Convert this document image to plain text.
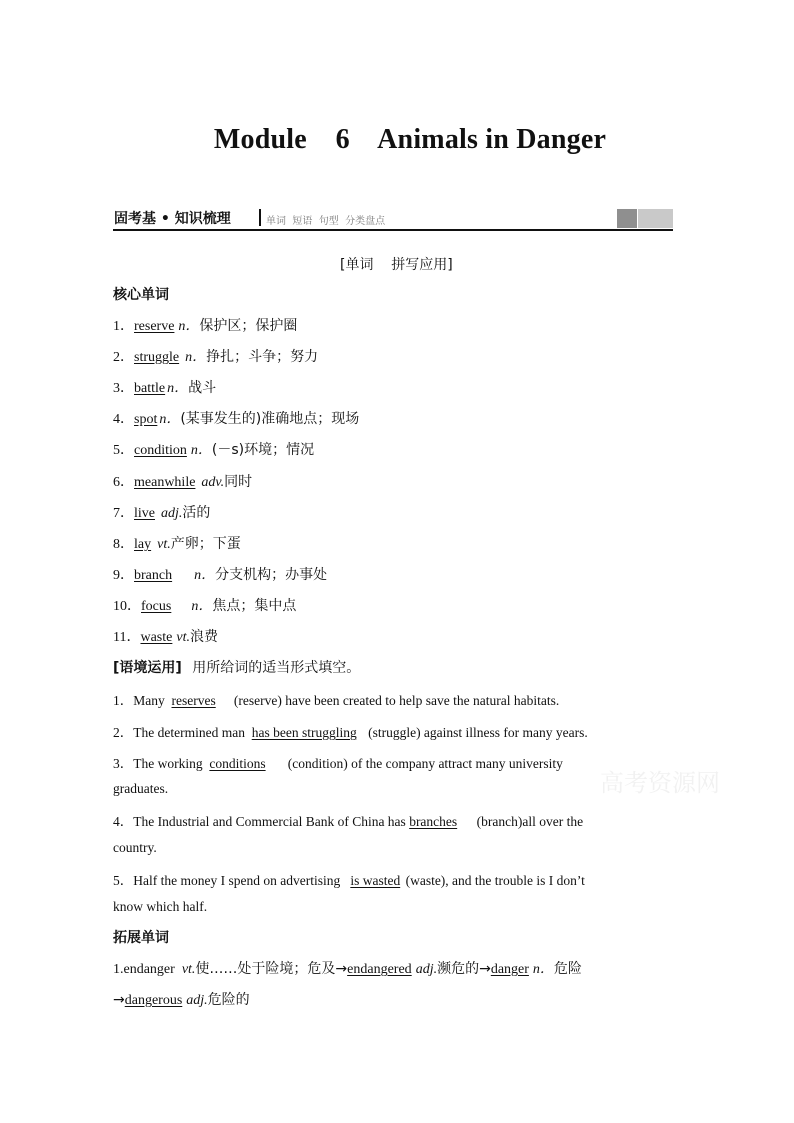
Module    6    Animals in Danger
固考基 • 知识梳理	单词  短语  句型  分类盘点
[单词    拼写应用]
核心单词
1．reserve n．保护区；保护圈
2．struggle n．挣扎；斗争；努力
3．battle n．战斗
4．spot n．(某事发生的)准确地点；现场
5．condition n．(－s)环境；情况
6．meanwhile adv.同时
7．live adj.活的
8．lay vt.产卵；下蛋
9．branch n．分支机构；办事处
10．focus n．焦点；集中点
11．waste vt.浪费
[语境运用] 用所给词的适当形式填空。
1．Many reserves (reserve) have been created to help save the natural habitats.
2．The determined man has been struggling (struggle) against illness for many years.
3．The working conditions (condition) of the company attract many university
graduates.
4．The Industrial and Commercial Bank of China has branches (branch)all over the
country.
5．Half the money I spend on advertising is wasted (waste), and the trouble is I don’t
know which half.
拓展单词
1.endanger vt.使……处于险境；危及→endangered adj.濒危的→danger n．危险
→dangerous adj.危险的
高考资源网
